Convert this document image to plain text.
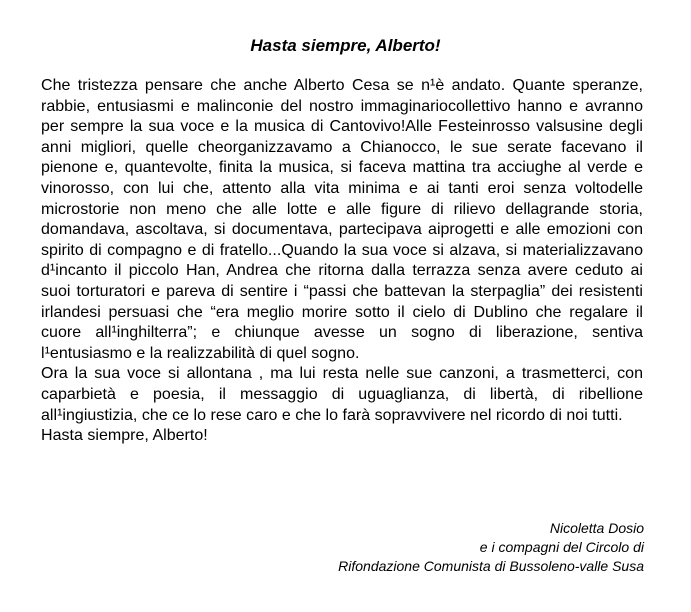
Hasta siempre, Alberto!

Che tristezza pensare che anche Alberto Cesa se n¹è andato. Quante speranze, rabbie, entusiasmi e malinconie del nostro immaginariocollettivo hanno e avranno per sempre la sua voce e la musica di Cantovivo!Alle Festeinrosso valsusine degli anni migliori, quelle cheorganizzavamo a Chianocco, le sue serate facevano il pienone e, quantevolte, finita la musica, si faceva mattina tra acciughe al verde e vinorosso, con lui che, attento alla vita minima e ai tanti eroi senza voltodelle microstorie non meno che alle lotte e alle figure di rilievo dellagrande storia, domandava, ascoltava, si documentava, partecipava aiprogetti e alle emozioni con spirito di compagno e di fratello...Quando la sua voce si alzava, si materializzavano d¹incanto il piccolo Han, Andrea che ritorna dalla terrazza senza avere ceduto ai suoi torturatori e pareva di sentire i “passi che battevan la sterpaglia” dei resistenti irlandesi persuasi che “era meglio morire sotto il cielo di Dublino che regalare il cuore all¹inghilterra”; e chiunque avesse un sogno di liberazione, sentiva l¹entusiasmo e la realizzabilità di quel sogno.

Ora la sua voce si allontana , ma lui resta nelle sue canzoni, a trasmetterci, con caparbietà e poesia, il messaggio di uguaglianza, di libertà, di ribellione all¹ingiustizia, che ce lo rese caro e che lo farà sopravvivere nel ricordo di noi tutti.

Hasta siempre, Alberto!

Nicoletta Dosio
e i compagni del Circolo di
Rifondazione Comunista di Bussoleno-valle Susa
